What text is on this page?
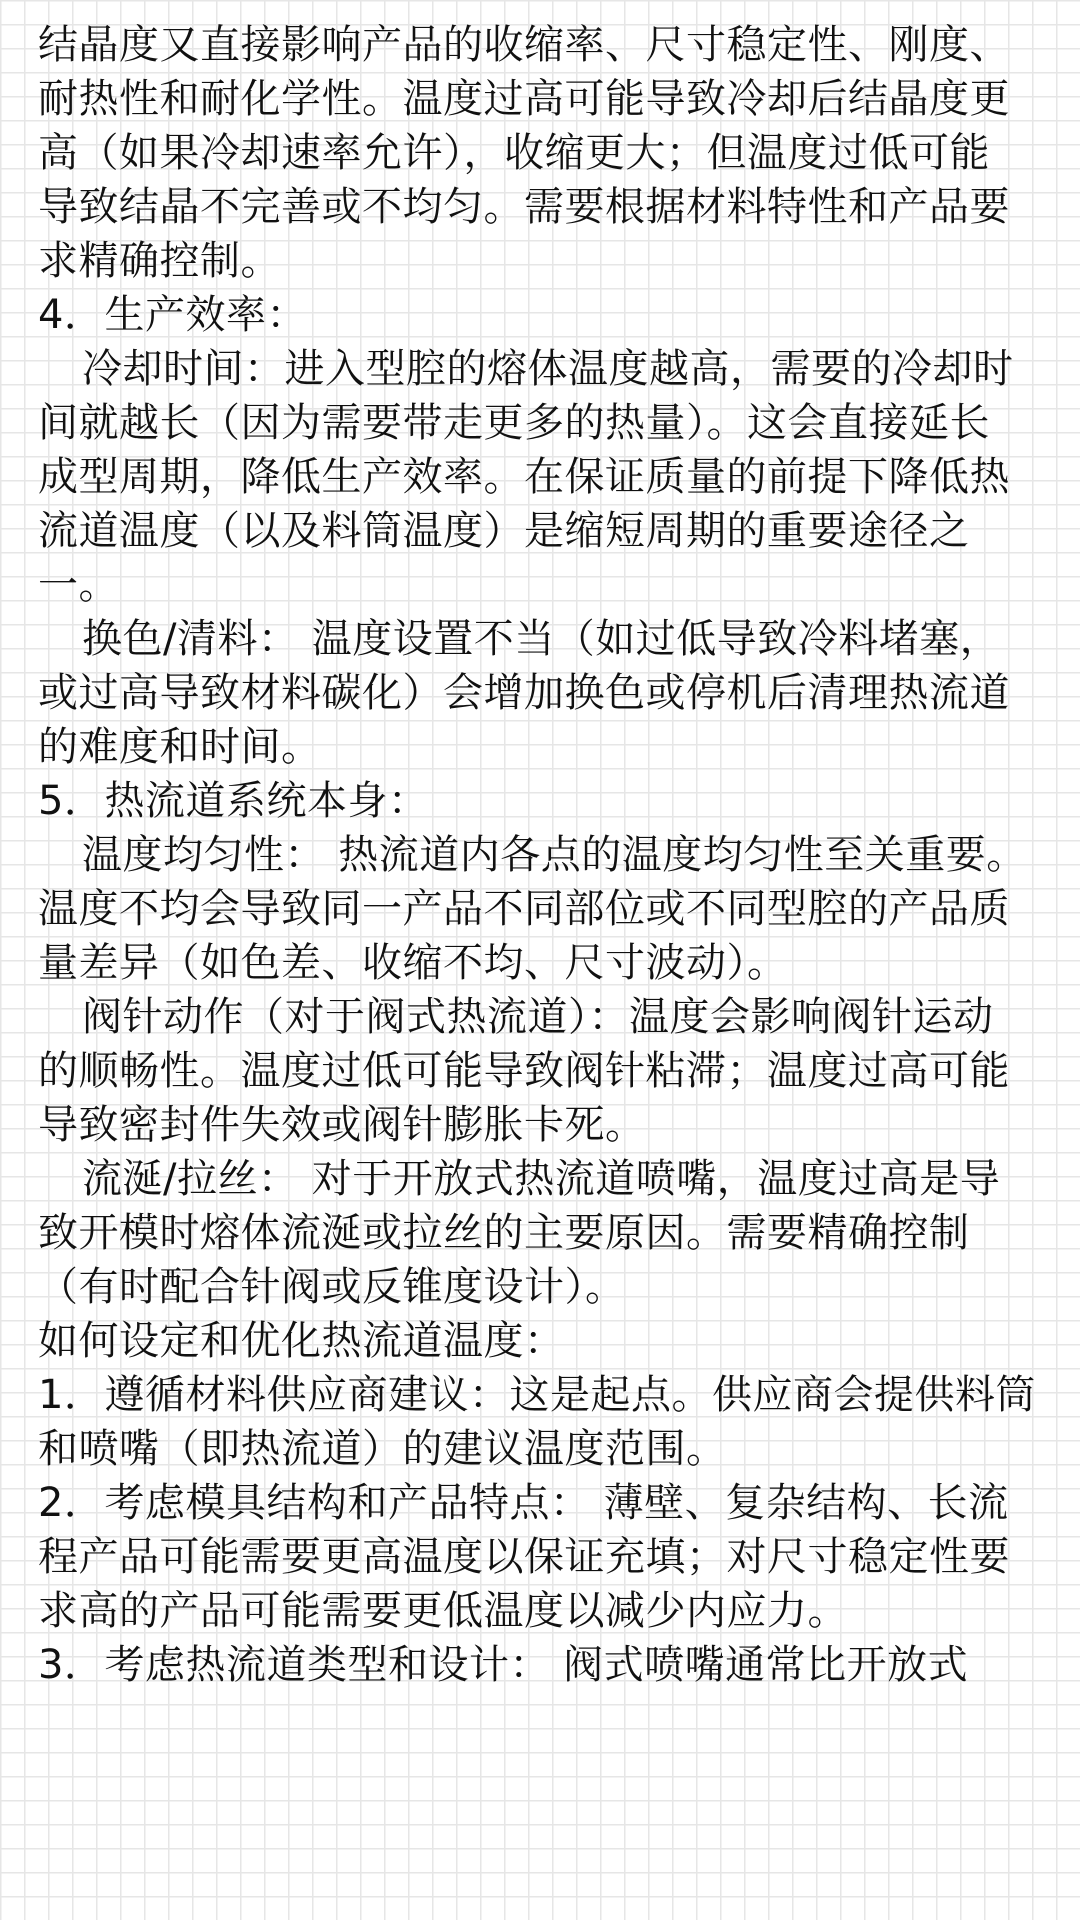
结晶度又直接影响产品的收缩率、尺寸稳定性、刚度、
耐热性和耐化学性。温度过高可能导致冷却后结晶度更
高（如果冷却速率允许），收缩更大；但温度过低可能
导致结晶不完善或不均匀。需要根据材料特性和产品要
求精确控制。
4．生产效率：
冷却时间：进入型腔的熔体温度越高，需要的冷却时
间就越长（因为需要带走更多的热量）。这会直接延长
成型周期，降低生产效率。在保证质量的前提下降低热
流道温度（以及料筒温度）是缩短周期的重要途径之
一。
换色/清料： 温度设置不当（如过低导致冷料堵塞，
或过高导致材料碳化）会增加换色或停机后清理热流道
的难度和时间。
5．热流道系统本身：
温度均匀性： 热流道内各点的温度均匀性至关重要。
温度不均会导致同一产品不同部位或不同型腔的产品质
量差异（如色差、收缩不均、尺寸波动）。
阀针动作（对于阀式热流道）：温度会影响阀针运动
的顺畅性。温度过低可能导致阀针粘滞；温度过高可能
导致密封件失效或阀针膨胀卡死。
流涎/拉丝： 对于开放式热流道喷嘴，温度过高是导
致开模时熔体流涎或拉丝的主要原因。需要精确控制
（有时配合针阀或反锥度设计）。
如何设定和优化热流道温度：
1．遵循材料供应商建议：这是起点。供应商会提供料筒
和喷嘴（即热流道）的建议温度范围。
2．考虑模具结构和产品特点： 薄壁、复杂结构、长流
程产品可能需要更高温度以保证充填；对尺寸稳定性要
求高的产品可能需要更低温度以减少内应力。
3．考虑热流道类型和设计： 阀式喷嘴通常比开放式
